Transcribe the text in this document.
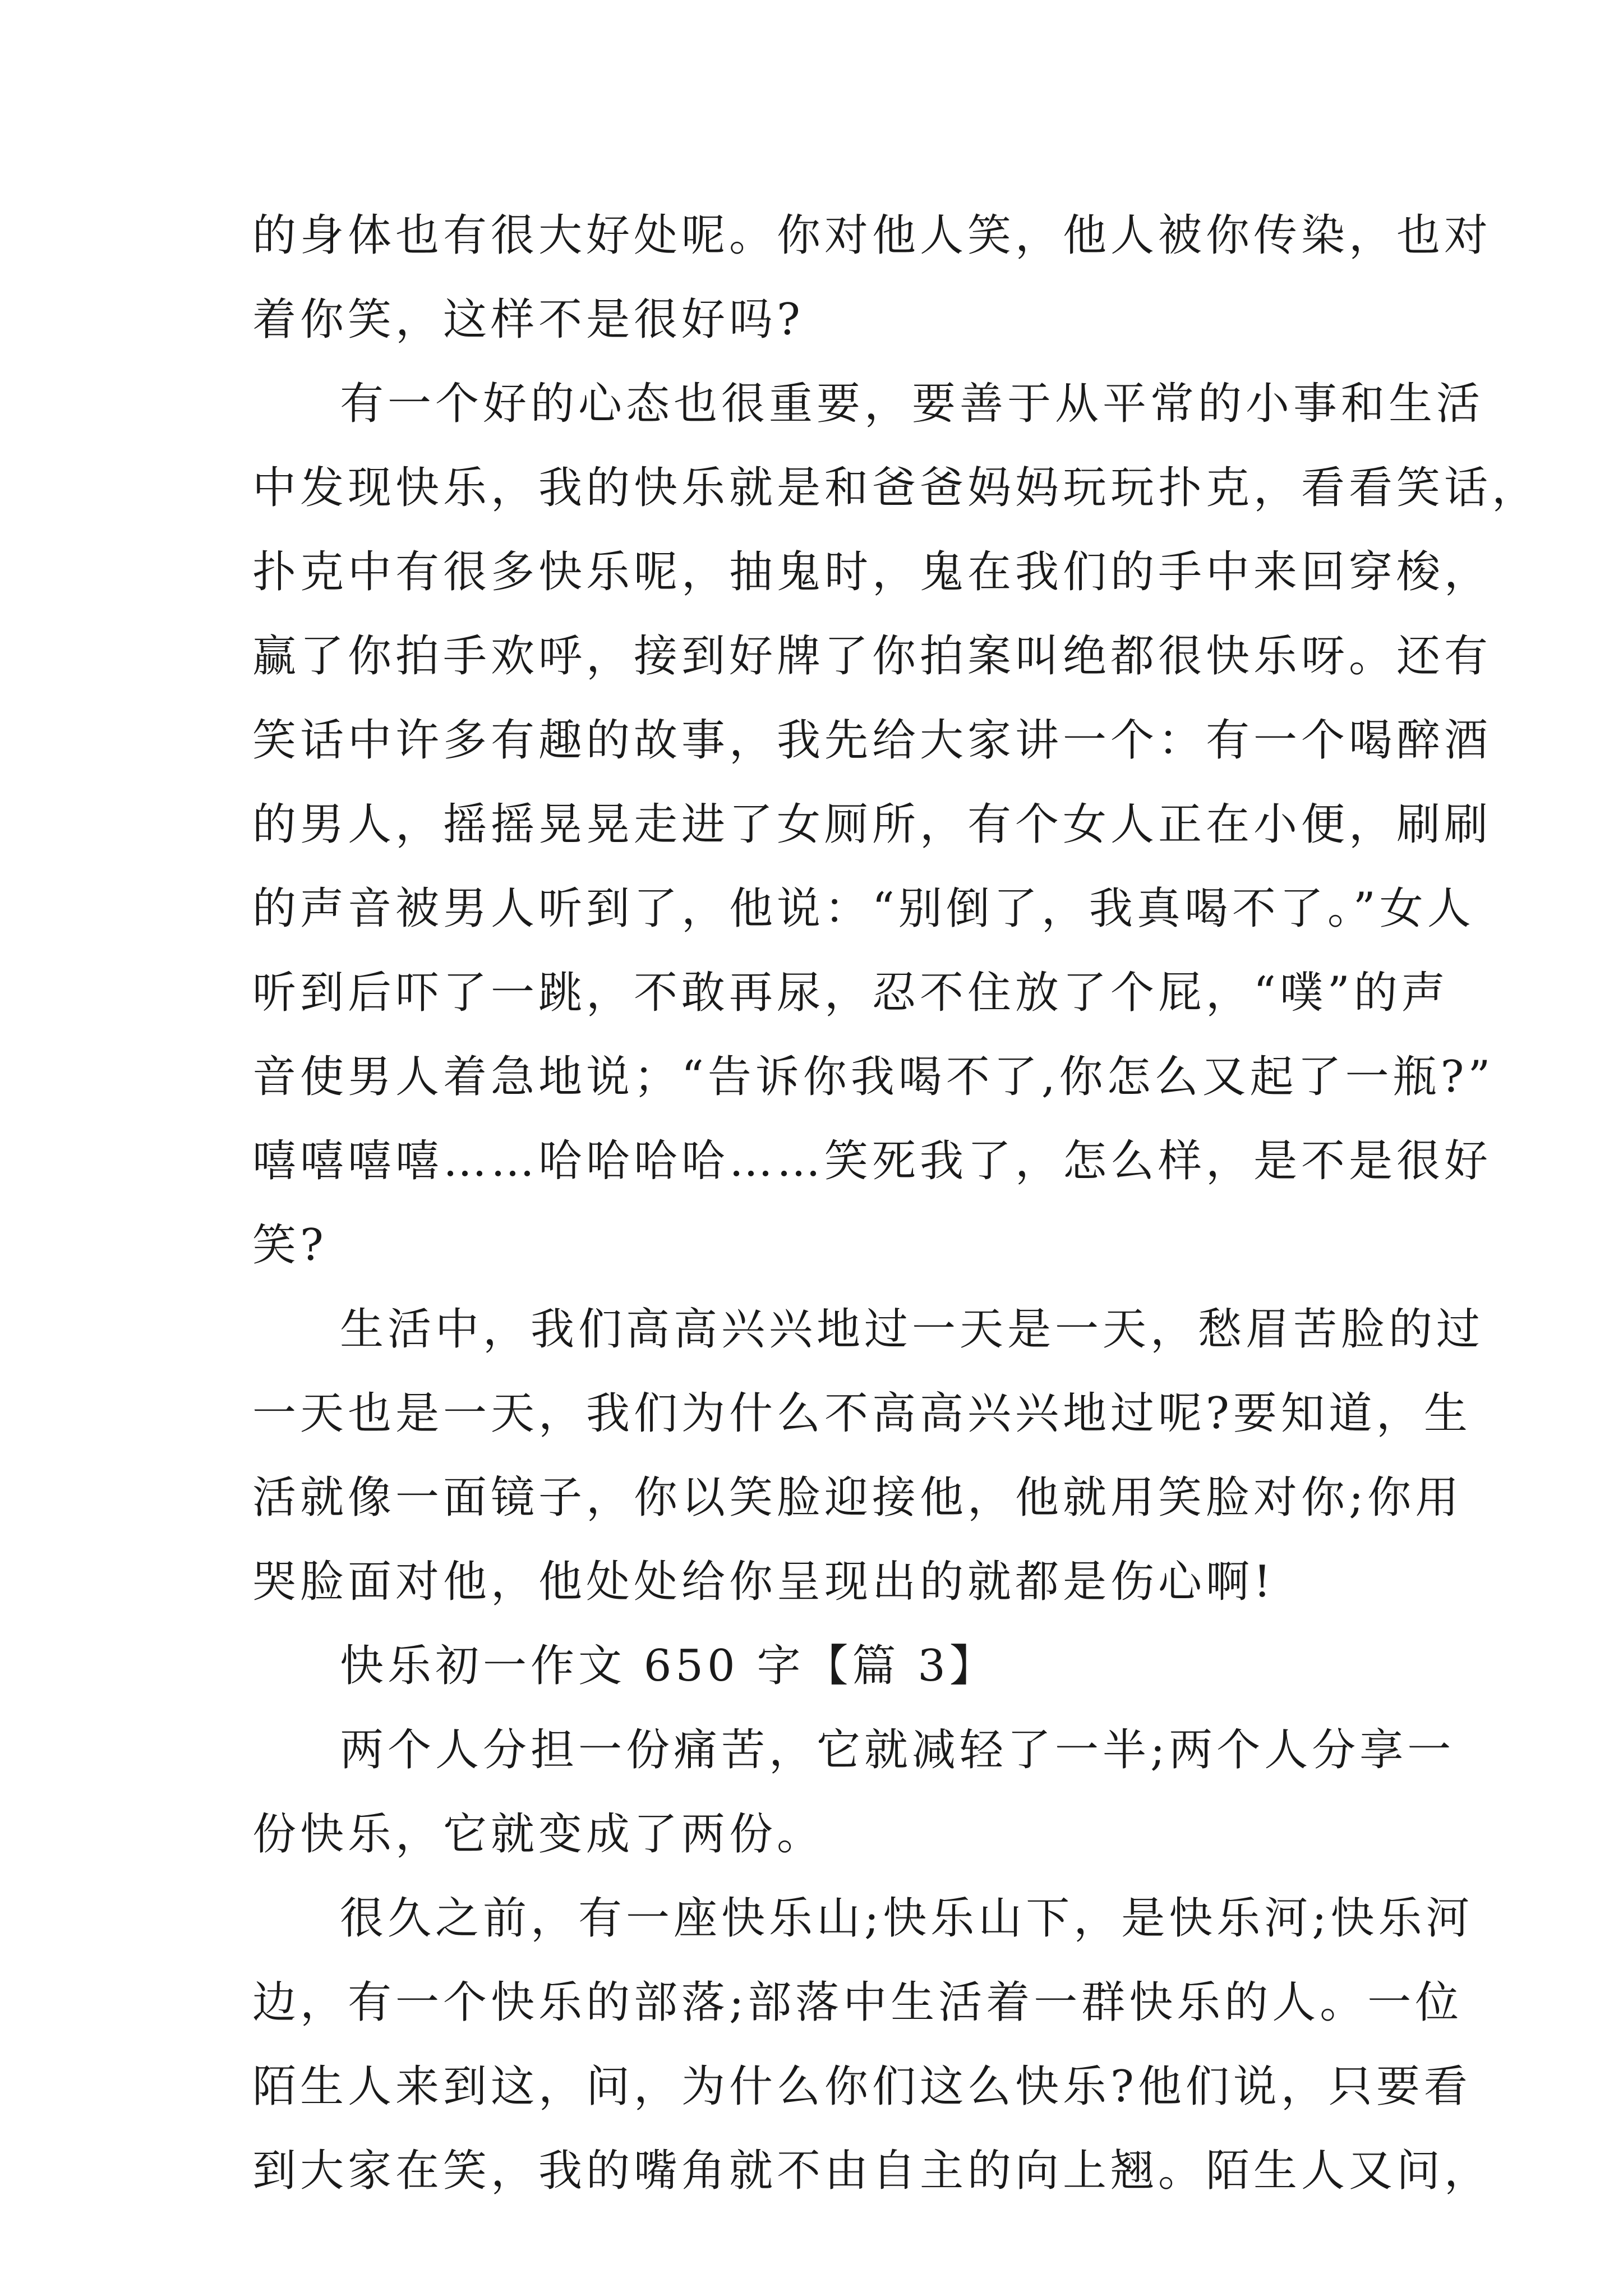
的身体也有很大好处呢。你对他人笑，他人被你传染，也对
着你笑，这样不是很好吗?
有一个好的心态也很重要，要善于从平常的小事和生活
中发现快乐，我的快乐就是和爸爸妈妈玩玩扑克，看看笑话，
扑克中有很多快乐呢，抽鬼时，鬼在我们的手中来回穿梭，
赢了你拍手欢呼，接到好牌了你拍案叫绝都很快乐呀。还有
笑话中许多有趣的故事，我先给大家讲一个：有一个喝醉酒
的男人，摇摇晃晃走进了女厕所，有个女人正在小便，刷刷
的声音被男人听到了，他说：“别倒了，我真喝不了。”女人
听到后吓了一跳，不敢再尿，忍不住放了个屁，“噗”的声
音使男人着急地说；“告诉你我喝不了,你怎么又起了一瓶?”
嘻嘻嘻嘻……哈哈哈哈……笑死我了，怎么样，是不是很好
笑?
生活中，我们高高兴兴地过一天是一天，愁眉苦脸的过
一天也是一天，我们为什么不高高兴兴地过呢?要知道，生
活就像一面镜子，你以笑脸迎接他，他就用笑脸对你;你用
哭脸面对他，他处处给你呈现出的就都是伤心啊!
快乐初一作文 650 字【篇 3】
两个人分担一份痛苦，它就减轻了一半;两个人分享一
份快乐，它就变成了两份。
很久之前，有一座快乐山;快乐山下，是快乐河;快乐河
边，有一个快乐的部落;部落中生活着一群快乐的人。一位
陌生人来到这，问，为什么你们这么快乐?他们说，只要看
到大家在笑，我的嘴角就不由自主的向上翘。陌生人又问，
